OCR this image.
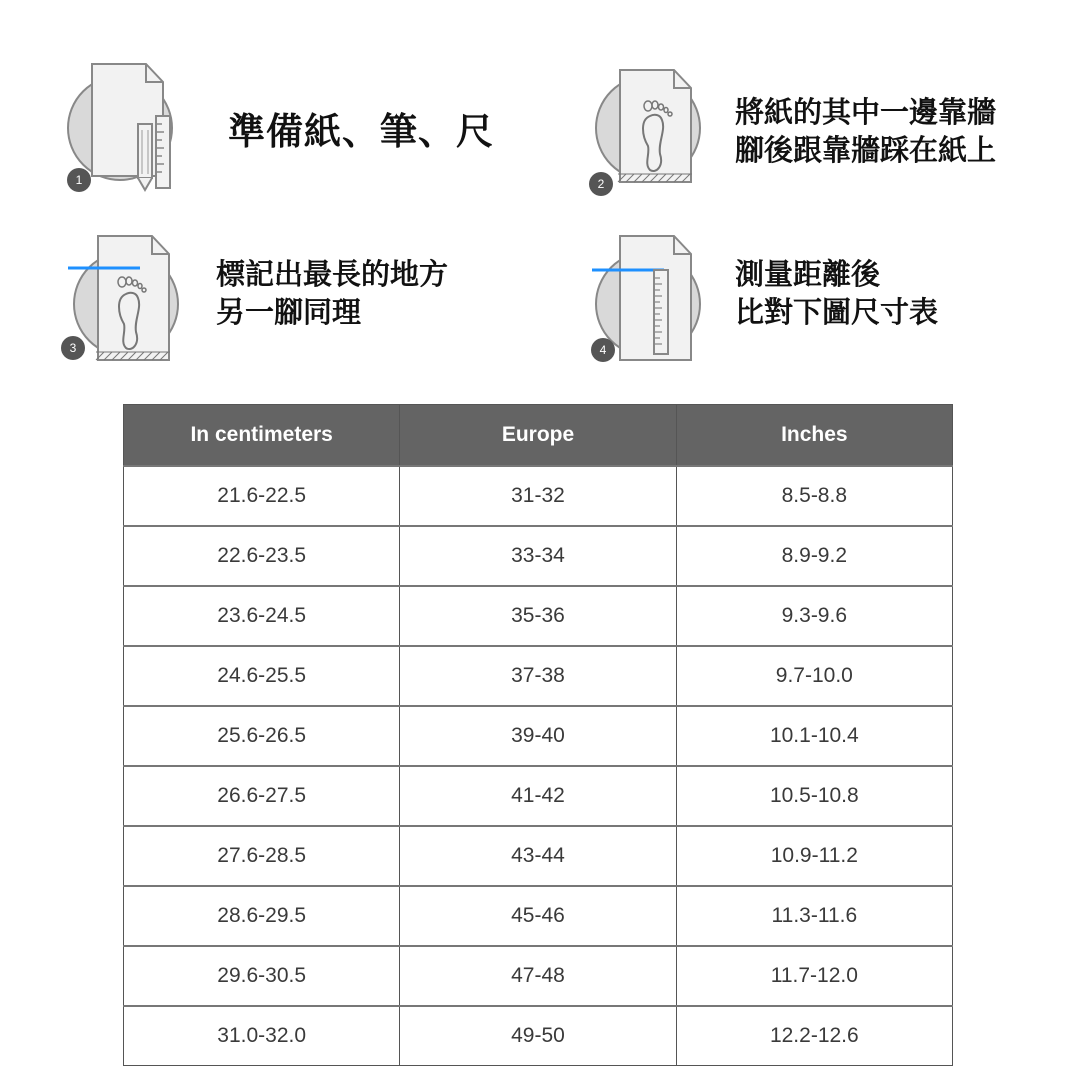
1
準備紙、筆、尺
2
將紙的其中一邊靠牆
腳後跟靠牆踩在紙上
3
標記出最長的地方
另一腳同理
4
測量距離後
比對下圖尺寸表
In centimeters	Europe	Inches
21.6-22.5	31-32	8.5-8.8
22.6-23.5	33-34	8.9-9.2
23.6-24.5	35-36	9.3-9.6
24.6-25.5	37-38	9.7-10.0
25.6-26.5	39-40	10.1-10.4
26.6-27.5	41-42	10.5-10.8
27.6-28.5	43-44	10.9-11.2
28.6-29.5	45-46	11.3-11.6
29.6-30.5	47-48	11.7-12.0
31.0-32.0	49-50	12.2-12.6
